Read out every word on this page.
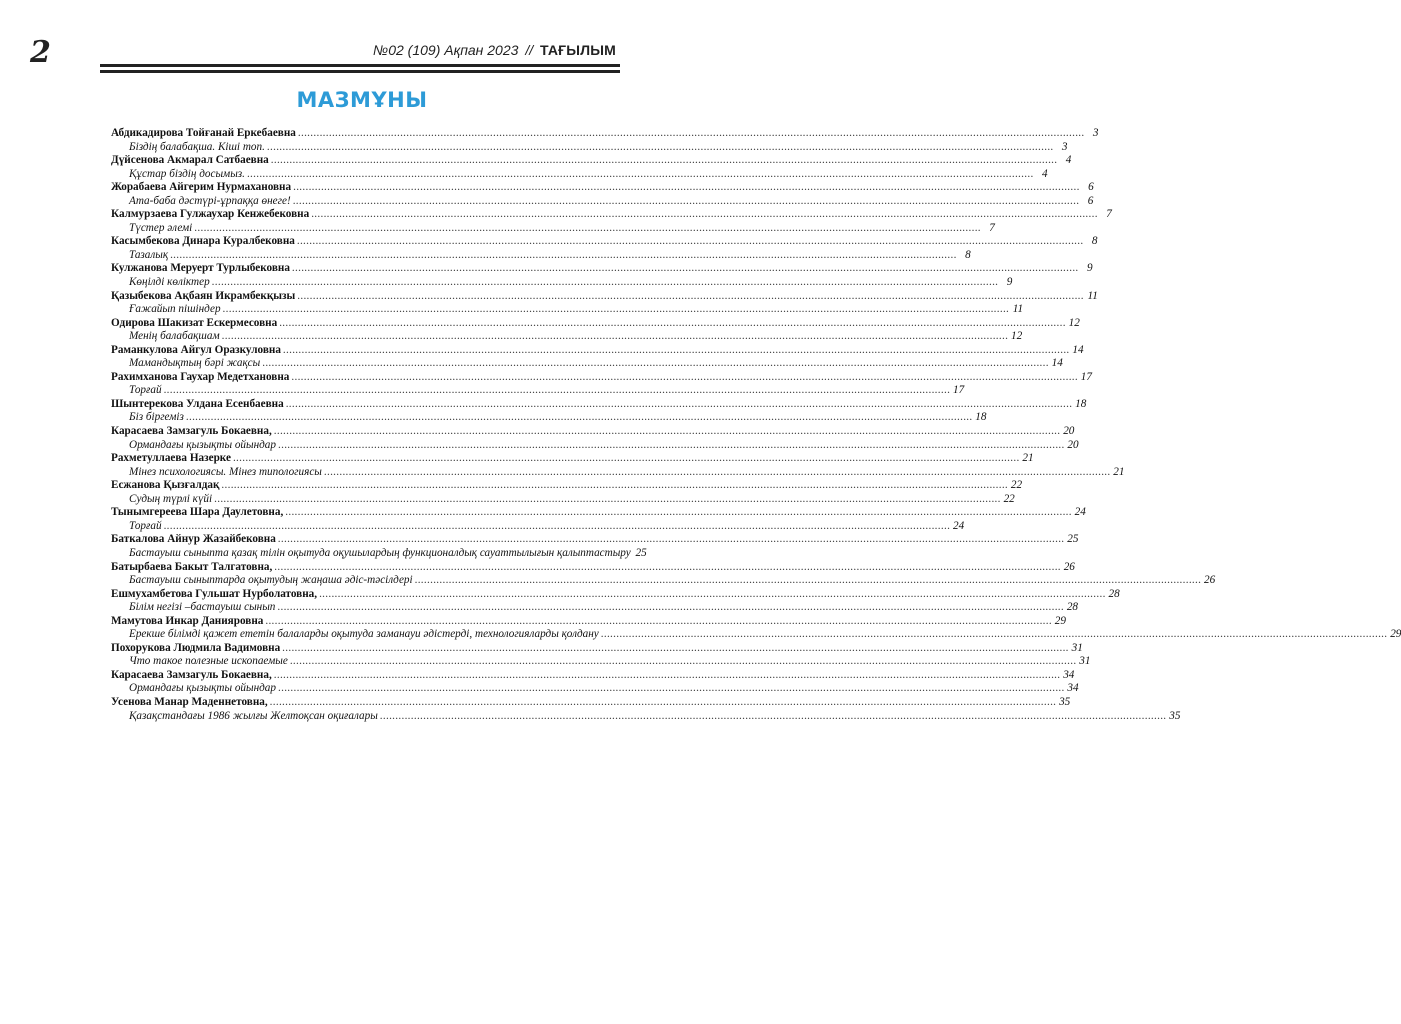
2	№02 (109) Ақпан 2023 // ТАҒЫЛЫМ
МАЗМҰНЫ
Абдикадирова Тойғанай Еркебаевна .....	3
Біздің балабақша. Кіші топ. .....	3
Дүйсенова Акмарал Сатбаевна .....	4
Құстар біздің досымыз. .....	4
Жорабаева Айгерим Нурмахановна .....	6
Ата-баба дәстүрі-ұрпаққа өнеге! .....	6
Калмурзаева Гулжаухар Кенжебековна .....	7
Түстер әлемі .....	7
Касымбекова Динара Куралбековна .....	8
Тазалық .....	8
Кулжанова Меруерт Турлыбековна .....	9
Көңілді көліктер .....	9
Қазыбекова Ақбаян Икрамбекқызы .....	11
Ғажайып пішіндер .....	11
Одирова Шакизат Ескермесовна .....	12
Менің балабақшам .....	12
Раманкулова Айгул Оразкуловна .....	14
Мамандықтың бәрі жақсы .....	14
Рахимханова Гаухар Медетхановна .....	17
Торғай .....	17
Шынтерекова Улдана Есенбаевна .....	18
Біз біргеміз .....	18
Карасаева Замзагуль Бокаевна, .....	20
Ормандағы қызықты ойындар .....	20
Рахметуллаева Назерке .....	21
Мінез психологиясы. Мінез типологиясы .....	21
Есжанова Қызғалдақ .....	22
Судың түрлі күйі .....	22
Тынымгереева Шара Даулетовна, .....	24
Торғай .....	24
Баткалова Айнур Жазайбековна .....	25
Бастауыш сыныпта қазақ тілін оқытуда оқушылардың функционалдық сауаттылығын қалыптастыру 25
Батырбаева Бакыт Талгатовна, .....	26
Бастауыш сыныптарда оқытудың жаңаша әдіс-тәсілдері .....	26
Ешмухамбетова Гульшат Нурболатовна, .....	28
Білім негізі –бастауыш сынып .....	28
Мамутова Инкар Данияровна .....	29
Ерекше білімді қажет ететін балаларды оқытуда заманауи әдістерді, технологияларды қолдану .....	29
Похорукова Людмила Вадимовна .....	31
Что такое полезные ископаемые .....	31
Карасаева Замзагуль Бокаевна, .....	34
Ормандағы қызықты ойындар .....	34
Усенова Манар Маденнетовна, .....	35
Қазақстандағы 1986 жылғы Желтоқсан оқиғалары .....	35
